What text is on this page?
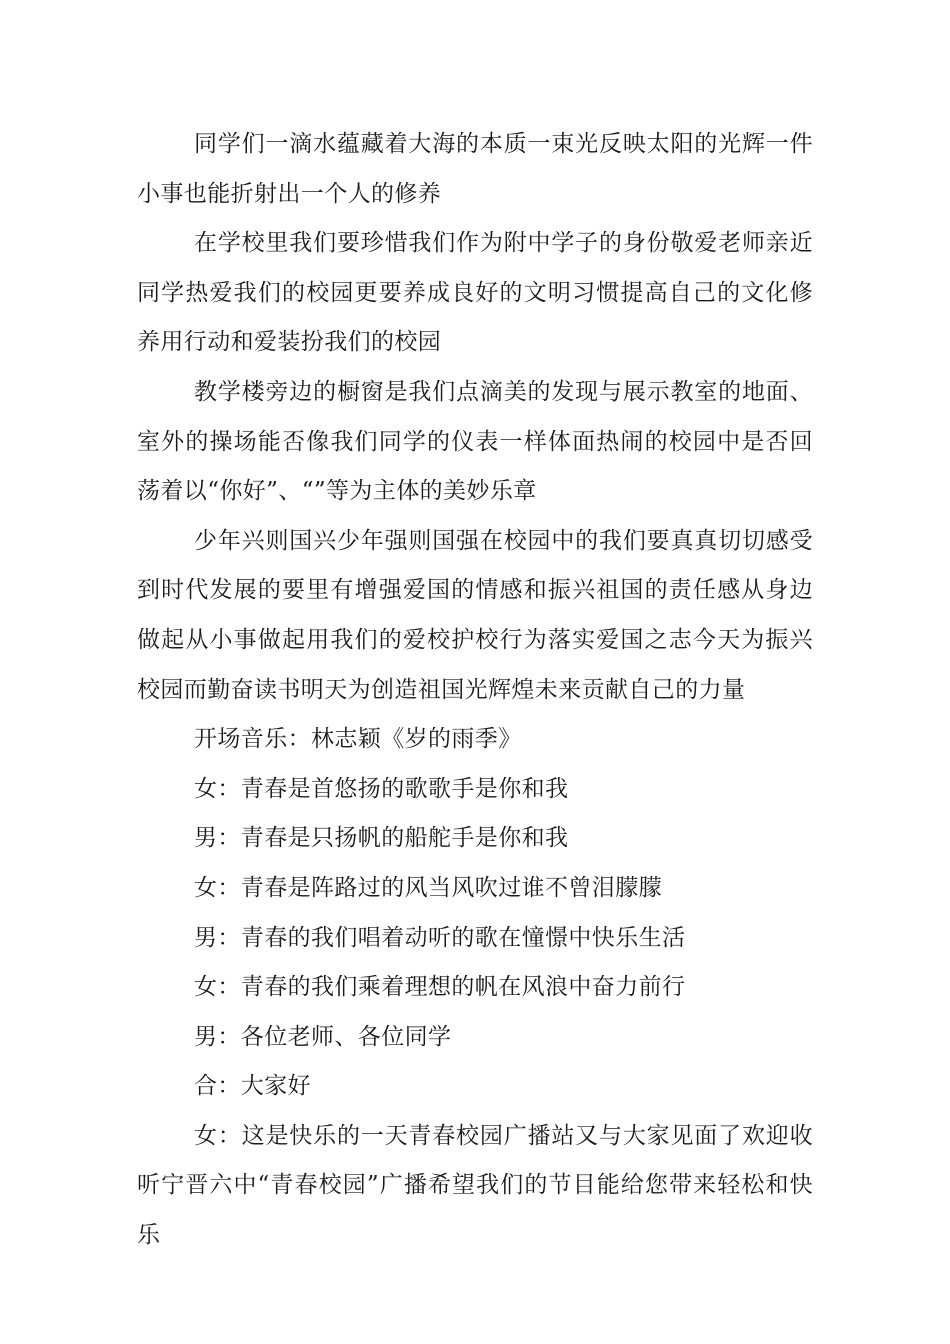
同学们一滴水蕴藏着大海的本质一束光反映太阳的光辉一件小事也能折射出一个人的修养

在学校里我们要珍惜我们作为附中学子的身份敬爱老师亲近同学热爱我们的校园更要养成良好的文明习惯提高自己的文化修养用行动和爱装扮我们的校园

教学楼旁边的橱窗是我们点滴美的发现与展示教室的地面、室外的操场能否像我们同学的仪表一样体面热闹的校园中是否回荡着以“你好”、“”等为主体的美妙乐章

少年兴则国兴少年强则国强在校园中的我们要真真切切感受到时代发展的要里有增强爱国的情感和振兴祖国的责任感从身边做起从小事做起用我们的爱校护校行为落实爱国之志今天为振兴校园而勤奋读书明天为创造祖国光辉煌未来贡献自己的力量

开场音乐：林志颖《岁的雨季》

女：青春是首悠扬的歌歌手是你和我

男：青春是只扬帆的船舵手是你和我

女：青春是阵路过的风当风吹过谁不曾泪朦朦

男：青春的我们唱着动听的歌在憧憬中快乐生活

女：青春的我们乘着理想的帆在风浪中奋力前行

男：各位老师、各位同学

合：大家好

女：这是快乐的一天青春校园广播站又与大家见面了欢迎收听宁晋六中“青春校园”广播希望我们的节目能给您带来轻松和快乐
